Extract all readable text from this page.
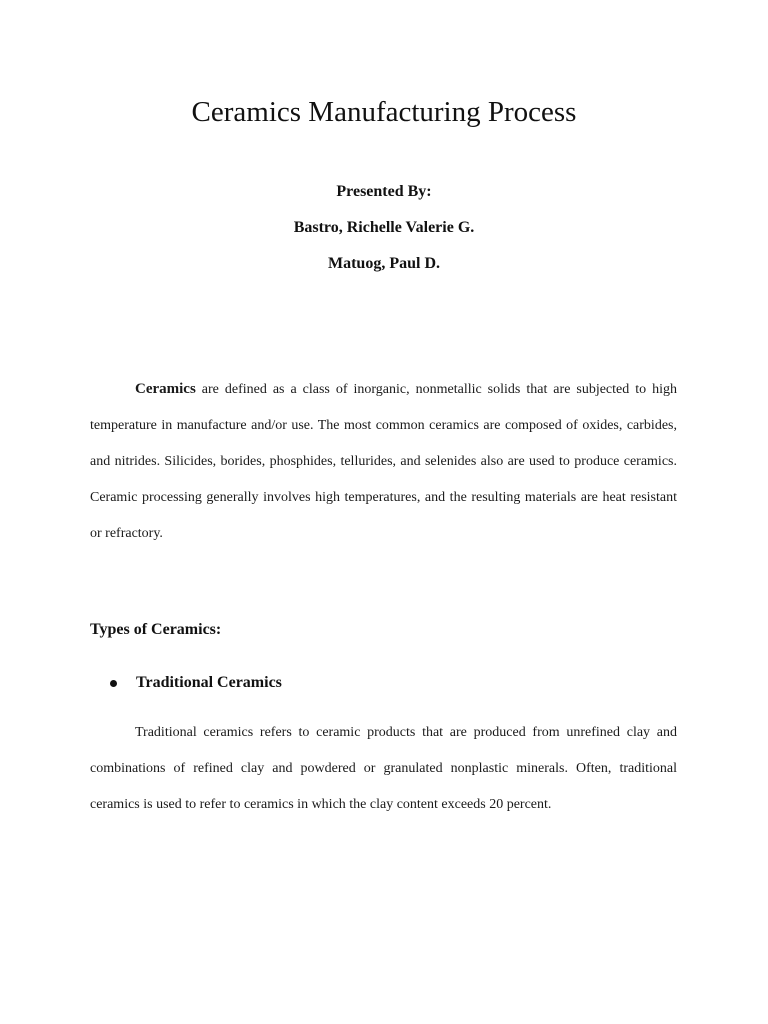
Ceramics Manufacturing Process

Presented By:

Bastro, Richelle Valerie G.

Matuog, Paul D.

Ceramics are defined as a class of inorganic, nonmetallic solids that are subjected to high temperature in manufacture and/or use. The most common ceramics are composed of oxides, carbides, and nitrides. Silicides, borides, phosphides, tellurides, and selenides also are used to produce ceramics. Ceramic processing generally involves high temperatures, and the resulting materials are heat resistant or refractory.

Types of Ceramics:
Traditional Ceramics

Traditional ceramics refers to ceramic products that are produced from unrefined clay and combinations of refined clay and powdered or granulated nonplastic minerals. Often, traditional ceramics is used to refer to ceramics in which the clay content exceeds 20 percent.
